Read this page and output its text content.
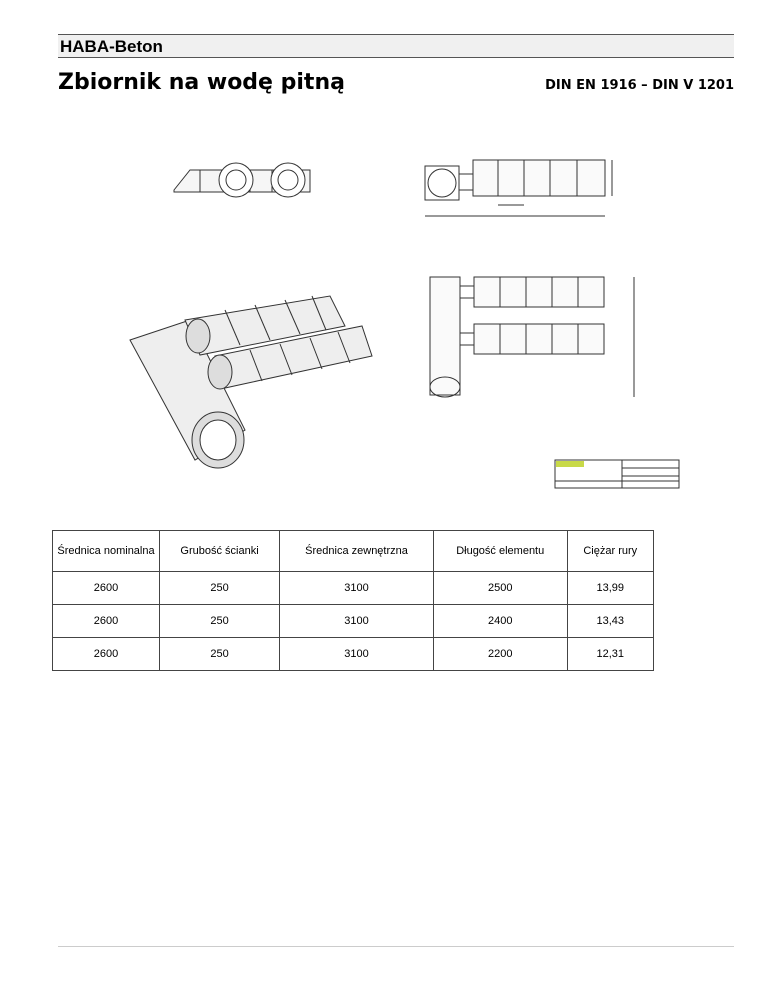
HABA-Beton
Zbiornik na wodę pitną	DIN EN 1916 – DIN V 1201
Średnica nominalna	Grubość ścianki	Średnica zewnętrzna	Długość elementu	Ciężar rury
2600	250	3100	2500	13,99
2600	250	3100	2400	13,43
2600	250	3100	2200	12,31
